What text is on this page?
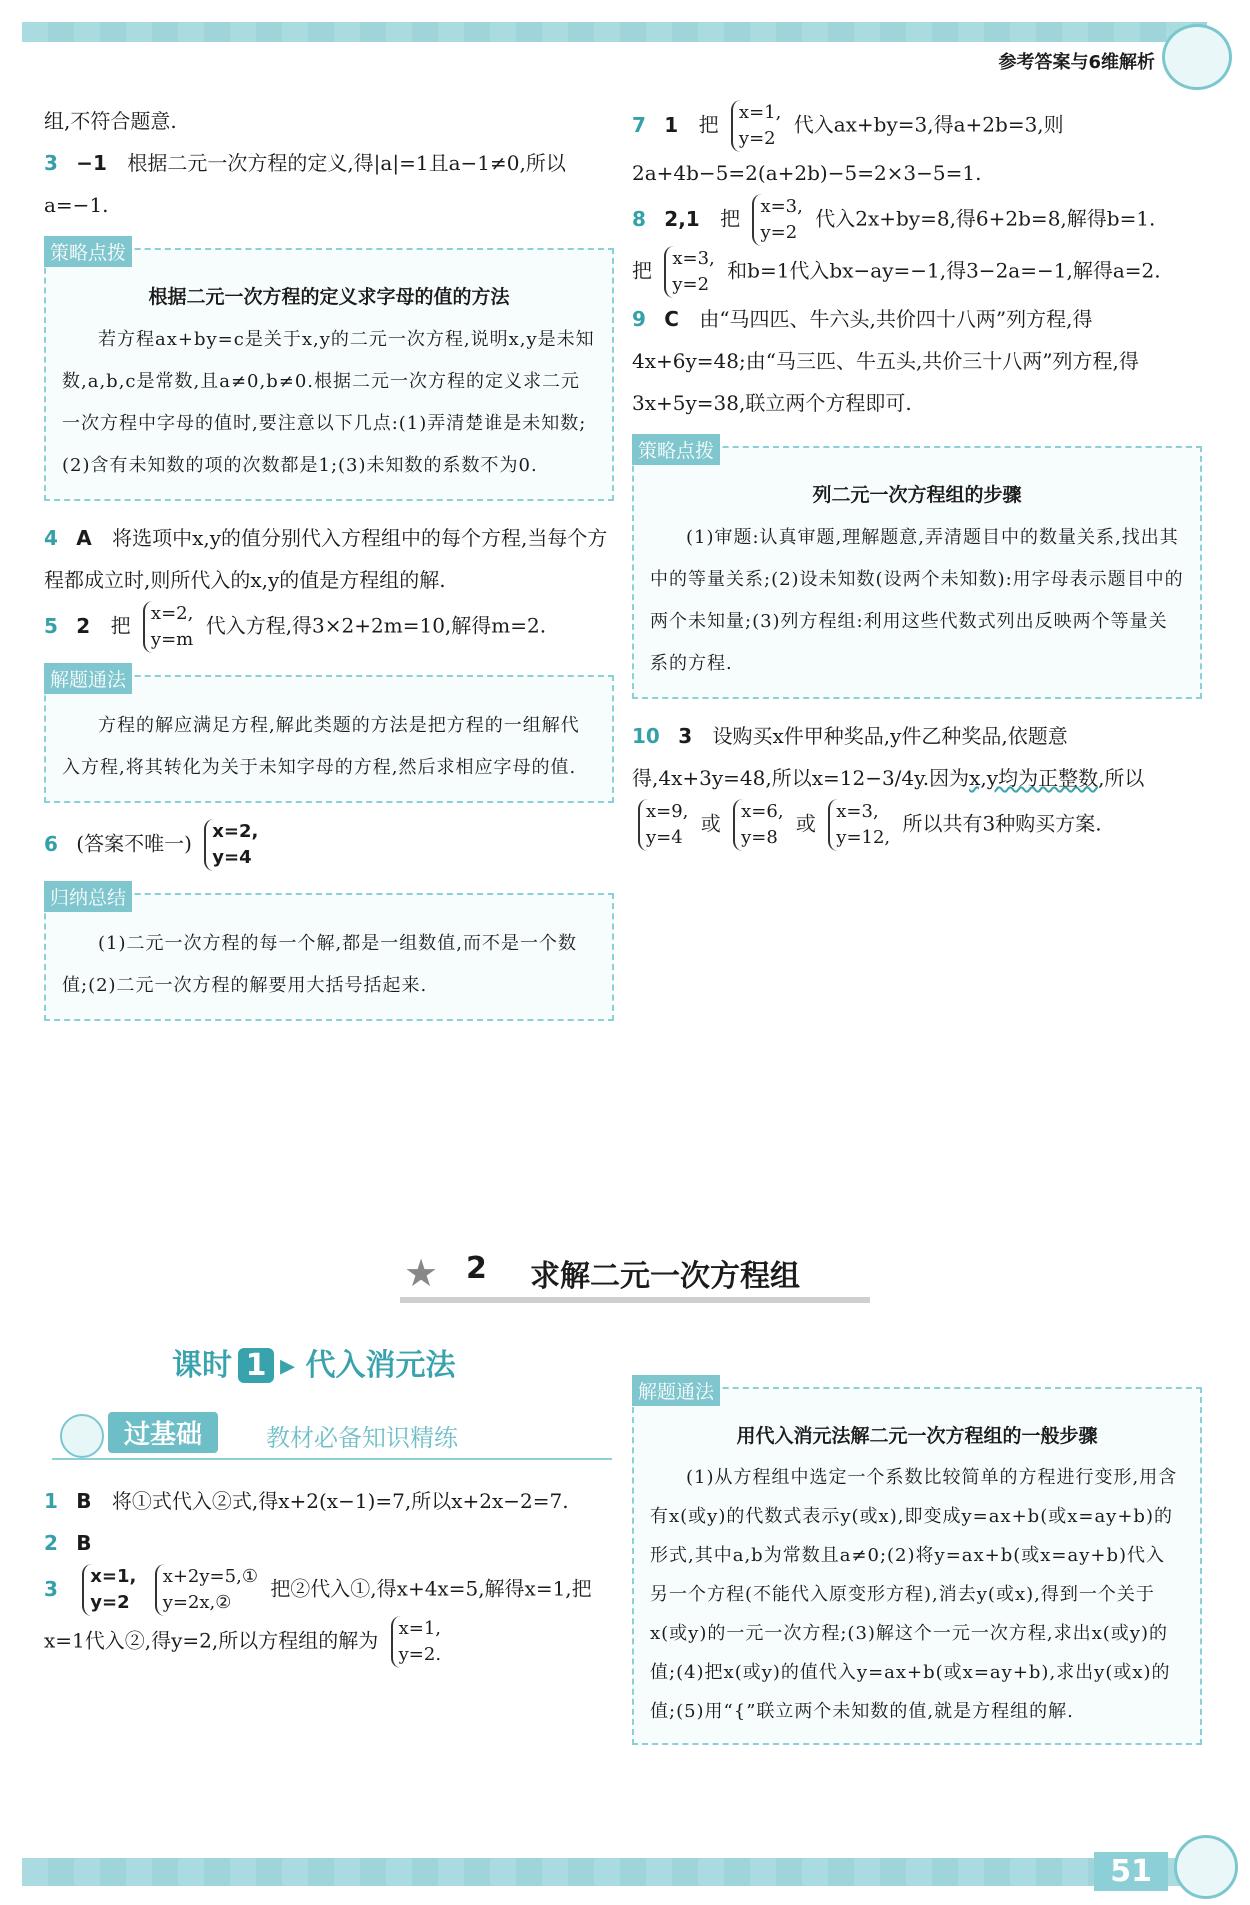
参考答案与6维解析

组,不符合题意.

3 −1 根据二元一次方程的定义,得|a|=1且a−1≠0,所以a=−1.

策略点拨
根据二元一次方程的定义求字母的值的方法

若方程ax+by=c是关于x,y的二元一次方程,说明x,y是未知数,a,b,c是常数,且a≠0,b≠0.根据二元一次方程的定义求二元一次方程中字母的值时,要注意以下几点:(1)弄清楚谁是未知数;(2)含有未知数的项的次数都是1;(3)未知数的系数不为0.

4 A 将选项中x,y的值分别代入方程组中的每个方程,当每个方程都成立时,则所代入的x,y的值是方程组的解.

5 2 把 x=2,
y=m 代入方程,得3×2+2m=10,解得m=2.

解题通法

方程的解应满足方程,解此类题的方法是把方程的一组解代入方程,将其转化为关于未知字母的方程,然后求相应字母的值.

6 (答案不唯一) x=2,
y=4

归纳总结

(1)二元一次方程的每一个解,都是一组数值,而不是一个数值;(2)二元一次方程的解要用大括号括起来.

7 1 把 x=1,
y=2 代入ax+by=3,得a+2b=3,则2a+4b−5=2(a+2b)−5=2×3−5=1.

8 2,1 把 x=3,
y=2 代入2x+by=8,得6+2b=8,解得b=1.

把 x=3,
y=2 和b=1代入bx−ay=−1,得3−2a=−1,解得a=2.

9 C 由“马四匹、牛六头,共价四十八两”列方程,得4x+6y=48;由“马三匹、牛五头,共价三十八两”列方程,得3x+5y=38,联立两个方程即可.

策略点拨
列二元一次方程组的步骤

(1)审题:认真审题,理解题意,弄清题目中的数量关系,找出其中的等量关系;(2)设未知数(设两个未知数):用字母表示题目中的两个未知量;(3)列方程组:利用这些代数式列出反映两个等量关系的方程.

10 3 设购买x件甲种奖品,y件乙种奖品,依题意得,4x+3y=48,所以x=12−3/4y.因为x,y均为正整数,所以

x=9,
y=4 或 x=6,
y=8 或 x=3,
y=12, 所以共有3种购买方案.

★ 2 求解二元一次方程组
课时 1 ▸ 代入消元法
过基础	教材必备知识精练

1 B 将①式代入②式,得x+2(x−1)=7,所以x+2x−2=7.

2 B

3 x=1,
y=2 x+2y=5,①
y=2x,② 把②代入①,得x+4x=5,解得x=1,把x=1代入②,得y=2,所以方程组的解为 x=1,
y=2.

解题通法
用代入消元法解二元一次方程组的一般步骤

(1)从方程组中选定一个系数比较简单的方程进行变形,用含有x(或y)的代数式表示y(或x),即变成y=ax+b(或x=ay+b)的形式,其中a,b为常数且a≠0;(2)将y=ax+b(或x=ay+b)代入另一个方程(不能代入原变形方程),消去y(或x),得到一个关于x(或y)的一元一次方程;(3)解这个一元一次方程,求出x(或y)的值;(4)把x(或y)的值代入y=ax+b(或x=ay+b),求出y(或x)的值;(5)用“{”联立两个未知数的值,就是方程组的解.

51
